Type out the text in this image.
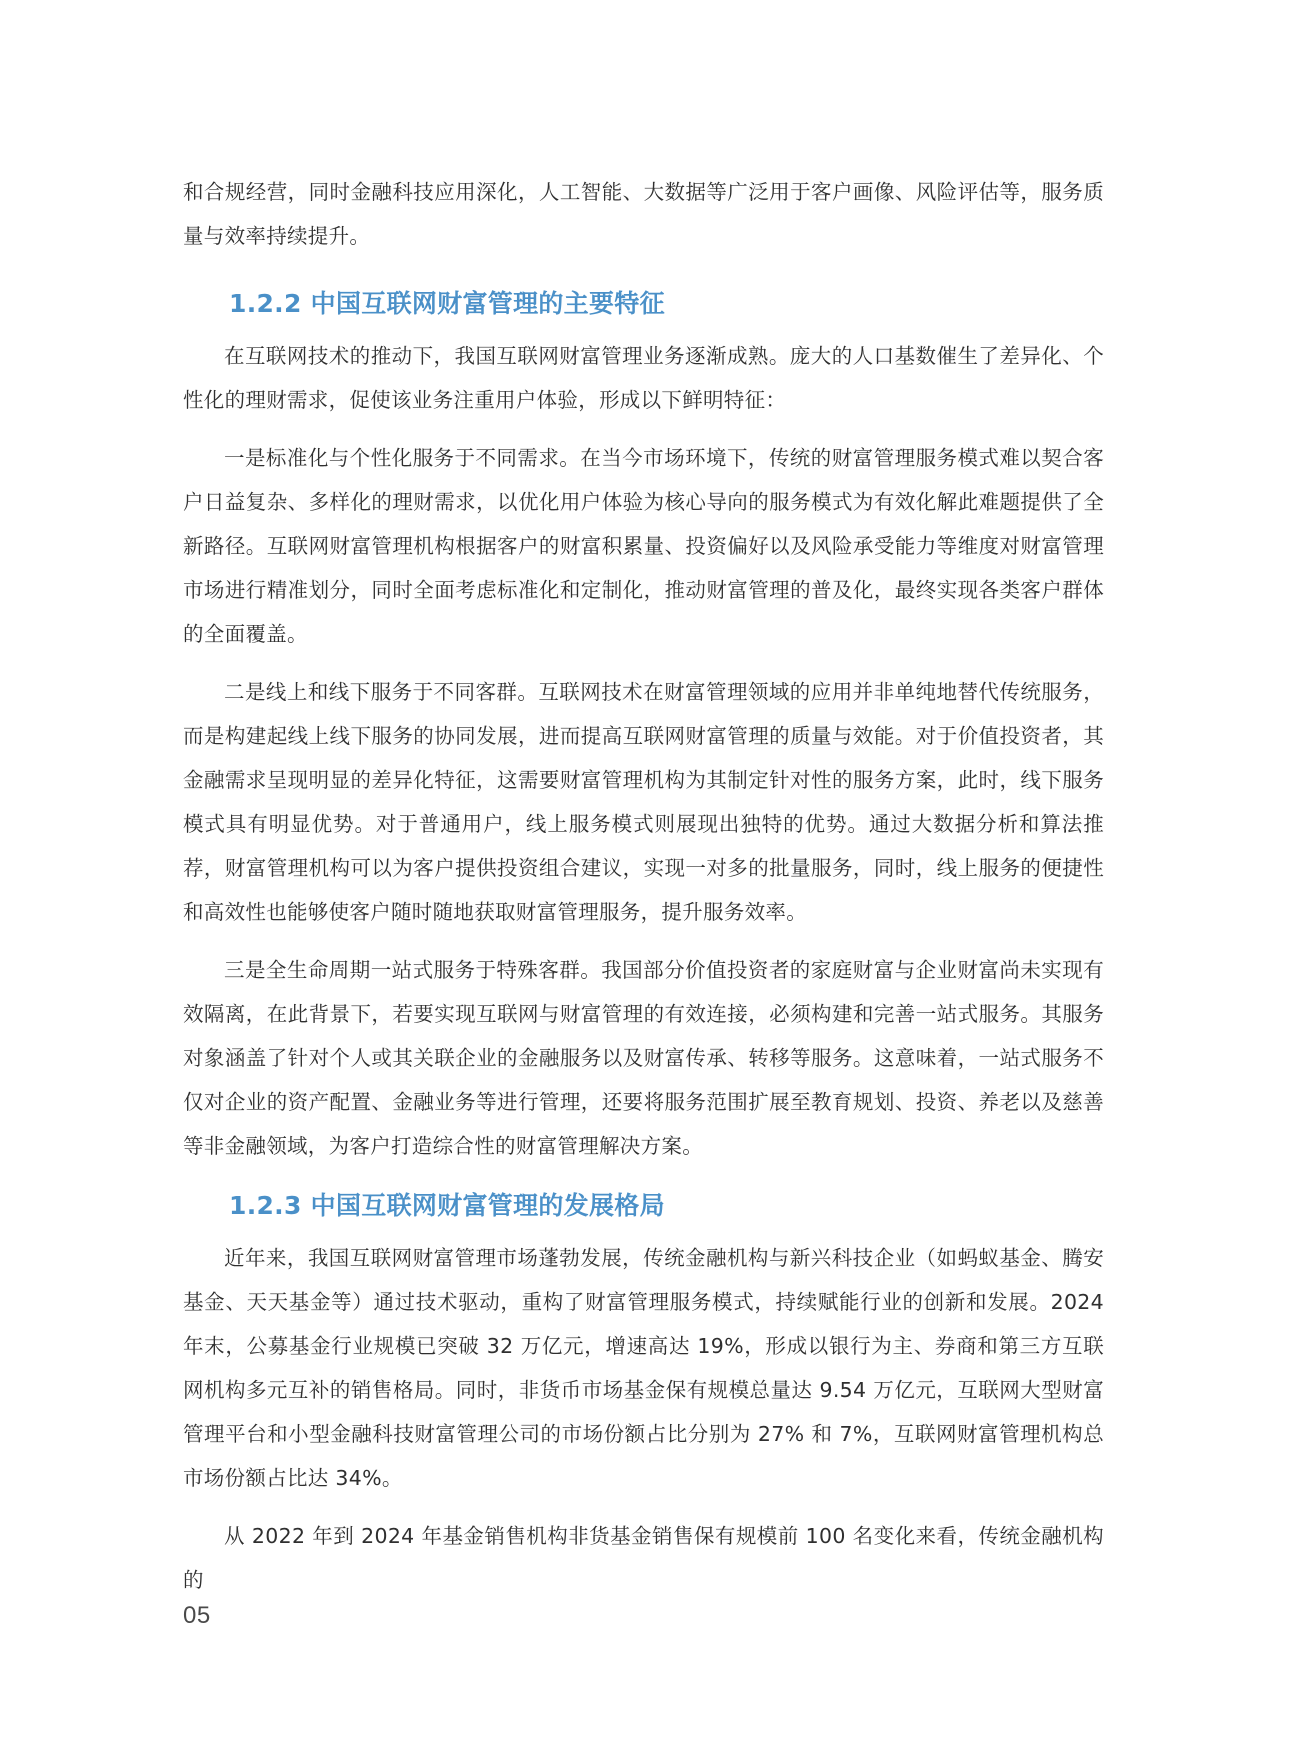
和合规经营，同时金融科技应用深化，人工智能、大数据等广泛用于客户画像、风险评估等，服务质量与效率持续提升。

1.2.2 中国互联网财富管理的主要特征

在互联网技术的推动下，我国互联网财富管理业务逐渐成熟。庞大的人口基数催生了差异化、个性化的理财需求，促使该业务注重用户体验，形成以下鲜明特征：

一是标准化与个性化服务于不同需求。在当今市场环境下，传统的财富管理服务模式难以契合客户日益复杂、多样化的理财需求，以优化用户体验为核心导向的服务模式为有效化解此难题提供了全新路径。互联网财富管理机构根据客户的财富积累量、投资偏好以及风险承受能力等维度对财富管理市场进行精准划分，同时全面考虑标准化和定制化，推动财富管理的普及化，最终实现各类客户群体的全面覆盖。

二是线上和线下服务于不同客群。互联网技术在财富管理领域的应用并非单纯地替代传统服务，而是构建起线上线下服务的协同发展，进而提高互联网财富管理的质量与效能。对于价值投资者，其金融需求呈现明显的差异化特征，这需要财富管理机构为其制定针对性的服务方案，此时，线下服务模式具有明显优势。对于普通用户，线上服务模式则展现出独特的优势。通过大数据分析和算法推荐，财富管理机构可以为客户提供投资组合建议，实现一对多的批量服务，同时，线上服务的便捷性和高效性也能够使客户随时随地获取财富管理服务，提升服务效率。

三是全生命周期一站式服务于特殊客群。我国部分价值投资者的家庭财富与企业财富尚未实现有效隔离，在此背景下，若要实现互联网与财富管理的有效连接，必须构建和完善一站式服务。其服务对象涵盖了针对个人或其关联企业的金融服务以及财富传承、转移等服务。这意味着，一站式服务不仅对企业的资产配置、金融业务等进行管理，还要将服务范围扩展至教育规划、投资、养老以及慈善等非金融领域，为客户打造综合性的财富管理解决方案。

1.2.3 中国互联网财富管理的发展格局

近年来，我国互联网财富管理市场蓬勃发展，传统金融机构与新兴科技企业（如蚂蚁基金、腾安基金、天天基金等）通过技术驱动，重构了财富管理服务模式，持续赋能行业的创新和发展。2024 年末，公募基金行业规模已突破 32 万亿元，增速高达 19%，形成以银行为主、券商和第三方互联网机构多元互补的销售格局。同时，非货币市场基金保有规模总量达 9.54 万亿元，互联网大型财富管理平台和小型金融科技财富管理公司的市场份额占比分别为 27% 和 7%，互联网财富管理机构总市场份额占比达 34%。

从 2022 年到 2024 年基金销售机构非货基金销售保有规模前 100 名变化来看，传统金融机构的

05
